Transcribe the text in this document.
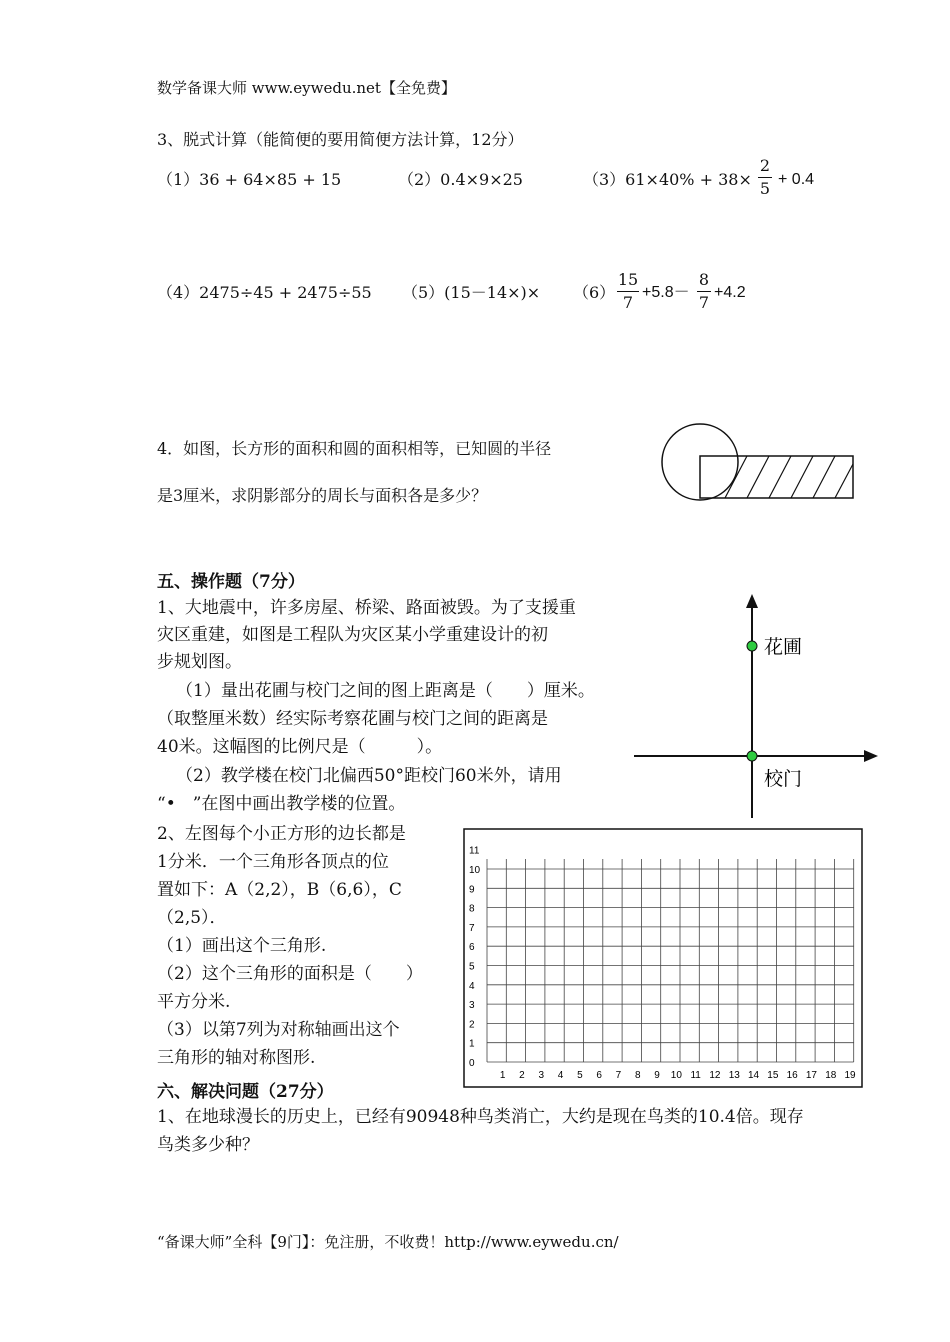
数学备课大师 www.eywedu.net【全免费】
3、脱式计算（能简便的要用简便方法计算，12分）
（1）36 + 64×85 + 15	（2）0.4×9×25	（3）61×40% + 38×
2
5 + 0.4
（4）2475÷45 + 2475÷55 （5）(15－14×)× （6）
15
7
+5.8－
8
7
+4.2
4．如图，长方形的面积和圆的面积相等，已知圆的半径
是3厘米，求阴影部分的周长与面积各是多少？
五、操作题（7分）
1、大地震中，许多房屋、桥梁、路面被毁。为了支援重
灾区重建，如图是工程队为灾区某小学重建设计的初
步规划图。
（1）量出花圃与校门之间的图上距离是（　　）厘米。
（取整厘米数）经实际考察花圃与校门之间的距离是
40米。这幅图的比例尺是（　　　）。
（2）教学楼在校门北偏西50°距校门60米外，请用
“•　”在图中画出教学楼的位置。
花圃
校门
2、左图每个小正方形的边长都是
1分米．一个三角形各顶点的位
置如下：A（2,2），B（6,6），C
（2,5）．
（1）画出这个三角形.
（2）这个三角形的面积是（　　）
平方分米.
（3）以第7列为对称轴画出这个
三角形的轴对称图形.
1 2 3 4 5 6 7 8 9 10 11 12 13 14 15 16 17 18 19
0
1
2
3
4
5
6
7
8
9
10
11
六、解决问题（27分）
1、在地球漫长的历史上，已经有90948种鸟类消亡，大约是现在鸟类的10.4倍。现存
鸟类多少种？
“备课大师”全科【9门】：免注册，不收费！http://www.eywedu.cn/
